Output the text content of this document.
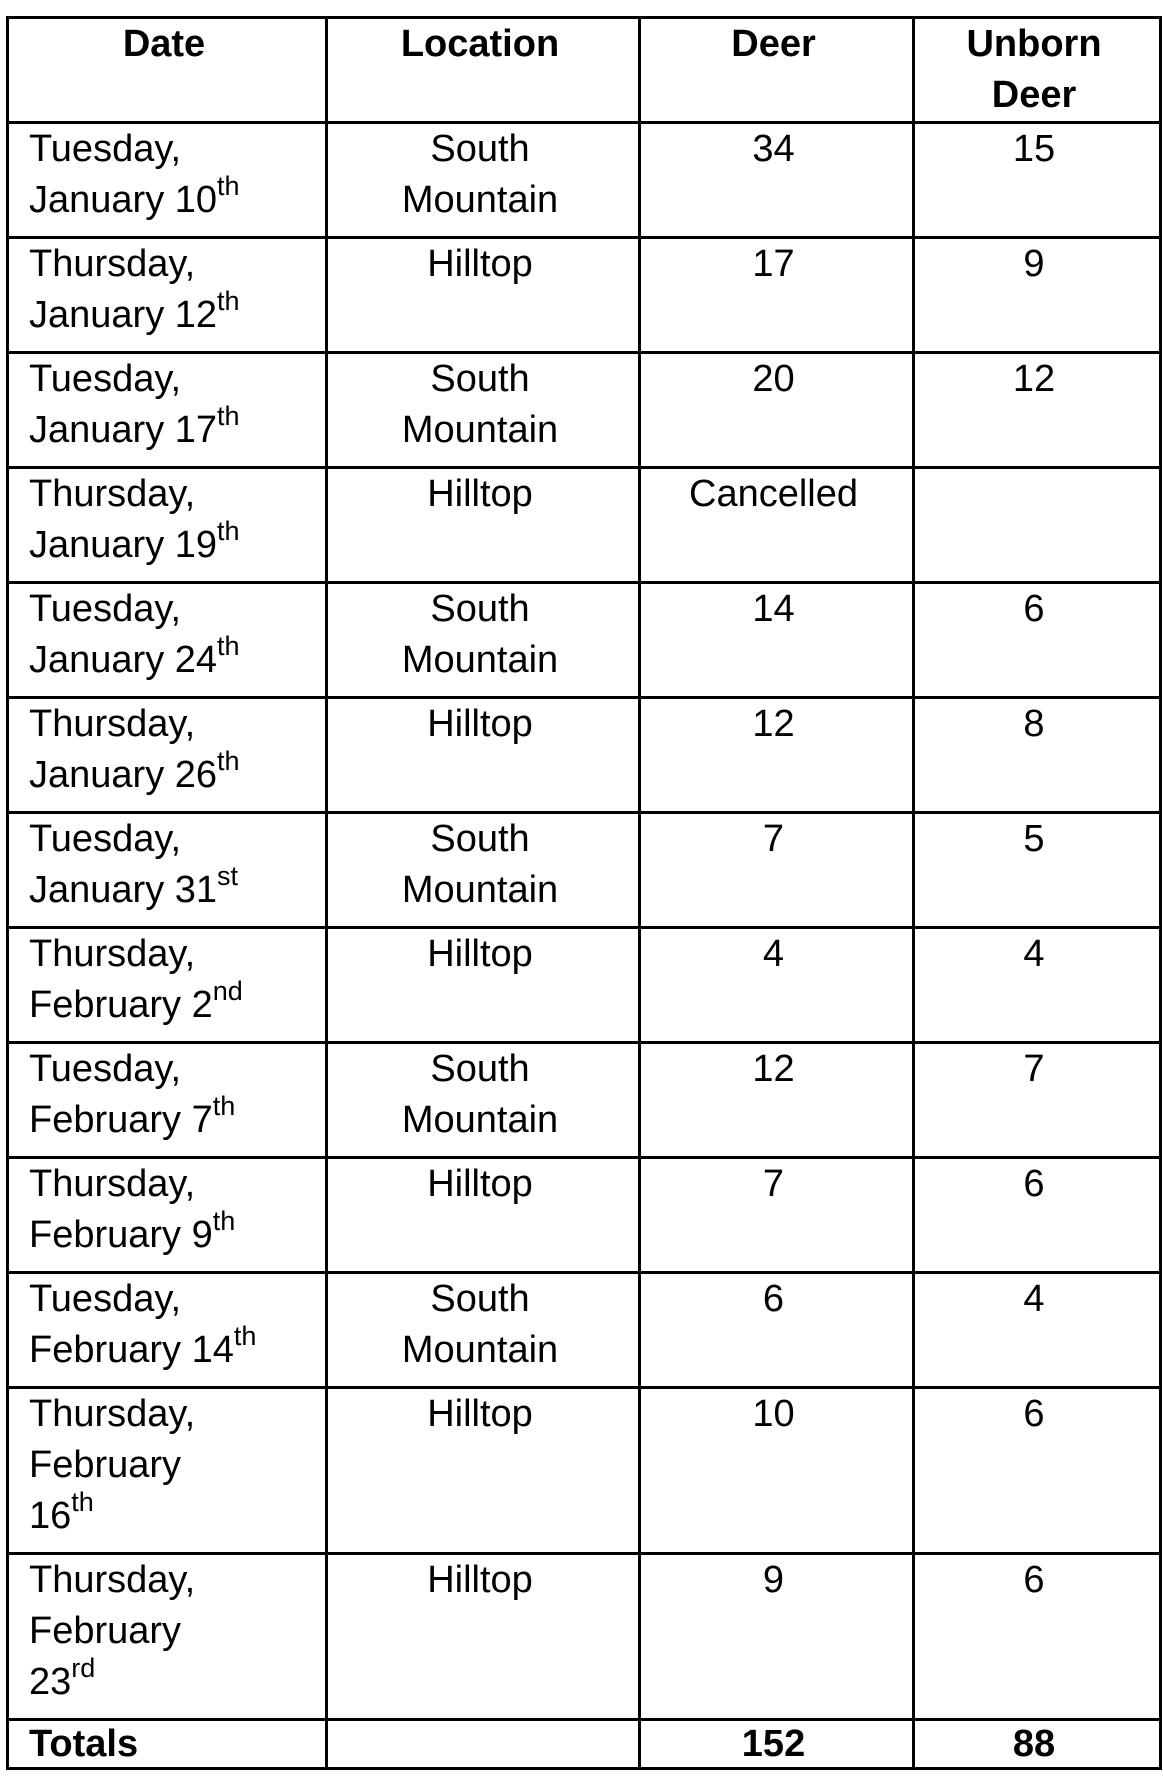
Date	Location	Deer	Unborn
Deer

Tuesday,
January 10th	South
Mountain	34	15

Thursday,
January 12th	Hilltop	17	9

Tuesday,
January 17th	South
Mountain	20	12

Thursday,
January 19th	Hilltop	Cancelled	

Tuesday,
January 24th	South
Mountain	14	6

Thursday,
January 26th	Hilltop	12	8

Tuesday,
January 31st	South
Mountain	7	5

Thursday,
February 2nd	Hilltop	4	4

Tuesday,
February 7th	South
Mountain	12	7

Thursday,
February 9th	Hilltop	7	6

Tuesday,
February 14th	South
Mountain	6	4

Thursday,
February
16th	Hilltop	10	6

Thursday,
February
23rd	Hilltop	9	6
Totals		152	88
